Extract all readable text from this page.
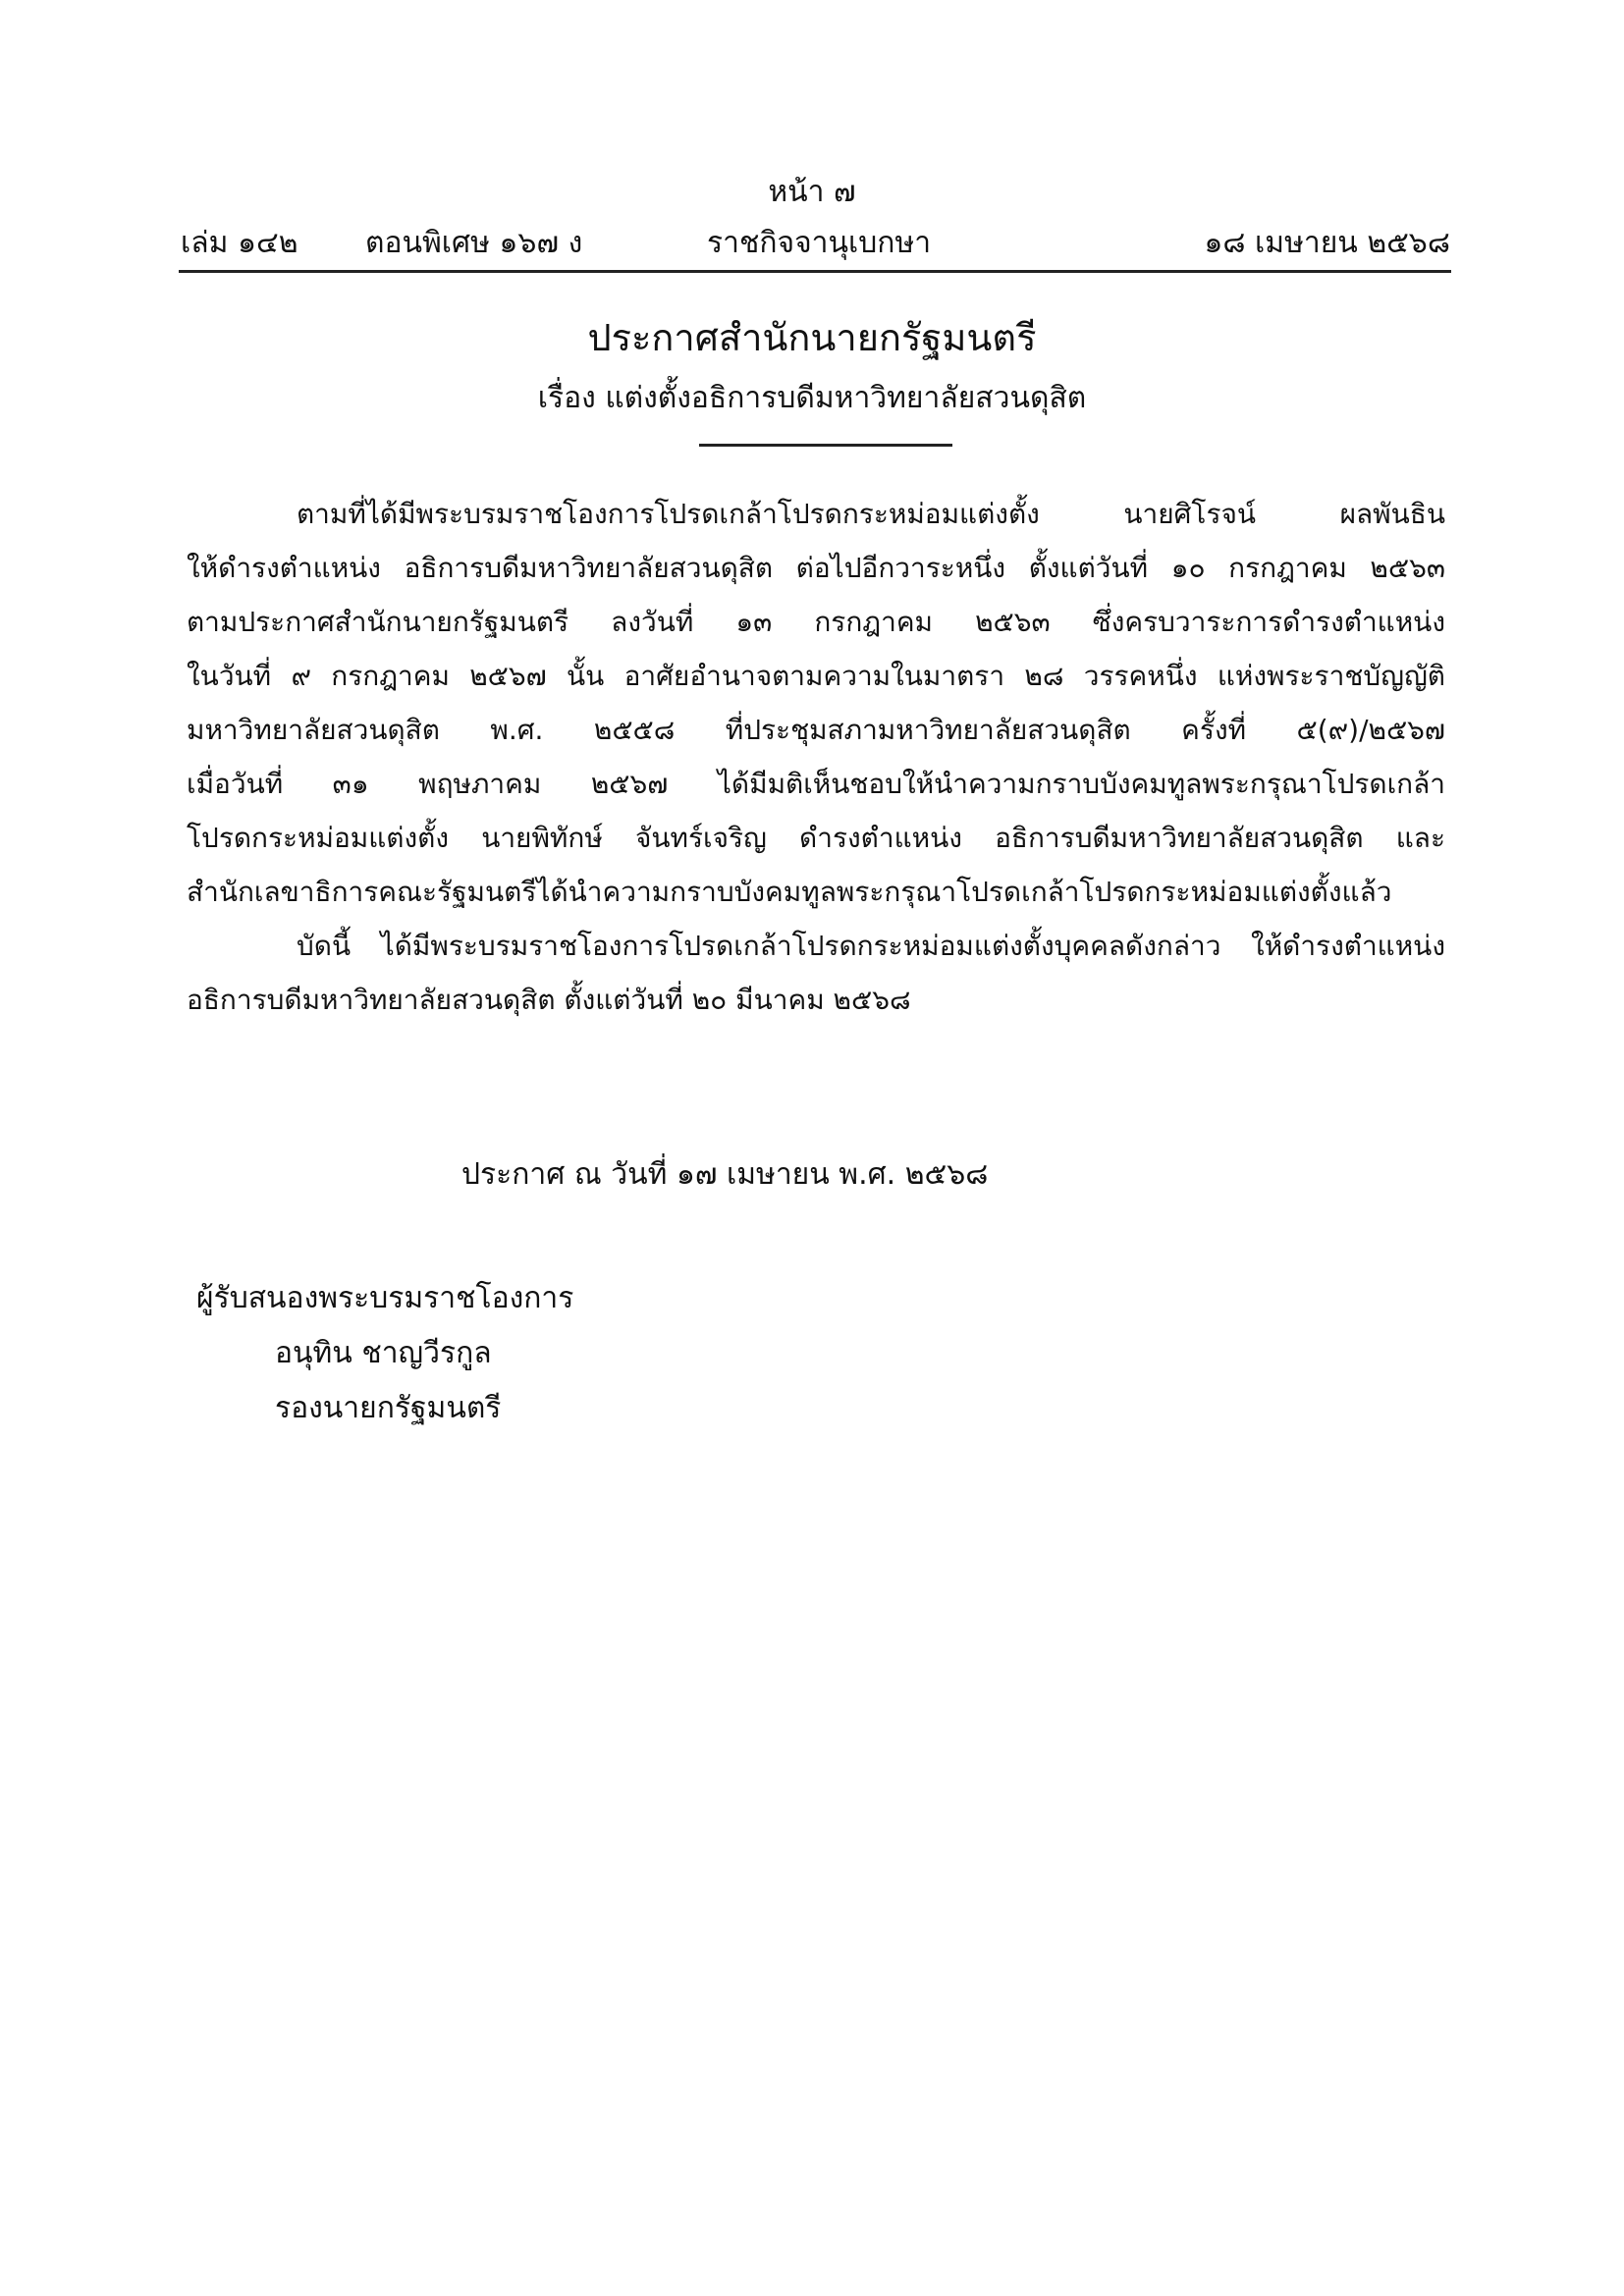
หน้า ๗
เล่ม ๑๔๒ ตอนพิเศษ ๑๖๗ ง	ราชกิจจานุเบกษา	๑๘ เมษายน ๒๕๖๘
ประกาศสำนักนายกรัฐมนตรี
เรื่อง แต่งตั้งอธิการบดีมหาวิทยาลัยสวนดุสิต
ตามที่ได้มีพระบรมราชโองการโปรดเกล้าโปรดกระหม่อมแต่งตั้ง นายศิโรจน์ ผลพันธิน
ให้ดำรงตำแหน่ง อธิการบดีมหาวิทยาลัยสวนดุสิต ต่อไปอีกวาระหนึ่ง ตั้งแต่วันที่ ๑๐ กรกฎาคม ๒๕๖๓
ตามประกาศสำนักนายกรัฐมนตรี ลงวันที่ ๑๓ กรกฎาคม ๒๕๖๓ ซึ่งครบวาระการดำรงตำแหน่ง
ในวันที่ ๙ กรกฎาคม ๒๕๖๗ นั้น อาศัยอำนาจตามความในมาตรา ๒๘ วรรคหนึ่ง แห่งพระราชบัญญัติ
มหาวิทยาลัยสวนดุสิต พ.ศ. ๒๕๕๘ ที่ประชุมสภามหาวิทยาลัยสวนดุสิต ครั้งที่ ๕(๙)/๒๕๖๗
เมื่อวันที่ ๓๑ พฤษภาคม ๒๕๖๗ ได้มีมติเห็นชอบให้นำความกราบบังคมทูลพระกรุณาโปรดเกล้า
โปรดกระหม่อมแต่งตั้ง นายพิทักษ์ จันทร์เจริญ ดำรงตำแหน่ง อธิการบดีมหาวิทยาลัยสวนดุสิต และ
สำนักเลขาธิการคณะรัฐมนตรีได้นำความกราบบังคมทูลพระกรุณาโปรดเกล้าโปรดกระหม่อมแต่งตั้งแล้ว
บัดนี้ ได้มีพระบรมราชโองการโปรดเกล้าโปรดกระหม่อมแต่งตั้งบุคคลดังกล่าว ให้ดำรงตำแหน่ง
อธิการบดีมหาวิทยาลัยสวนดุสิต ตั้งแต่วันที่ ๒๐ มีนาคม ๒๕๖๘
ประกาศ ณ วันที่ ๑๗ เมษายน พ.ศ. ๒๕๖๘
ผู้รับสนองพระบรมราชโองการ
อนุทิน ชาญวีรกูล
รองนายกรัฐมนตรี
